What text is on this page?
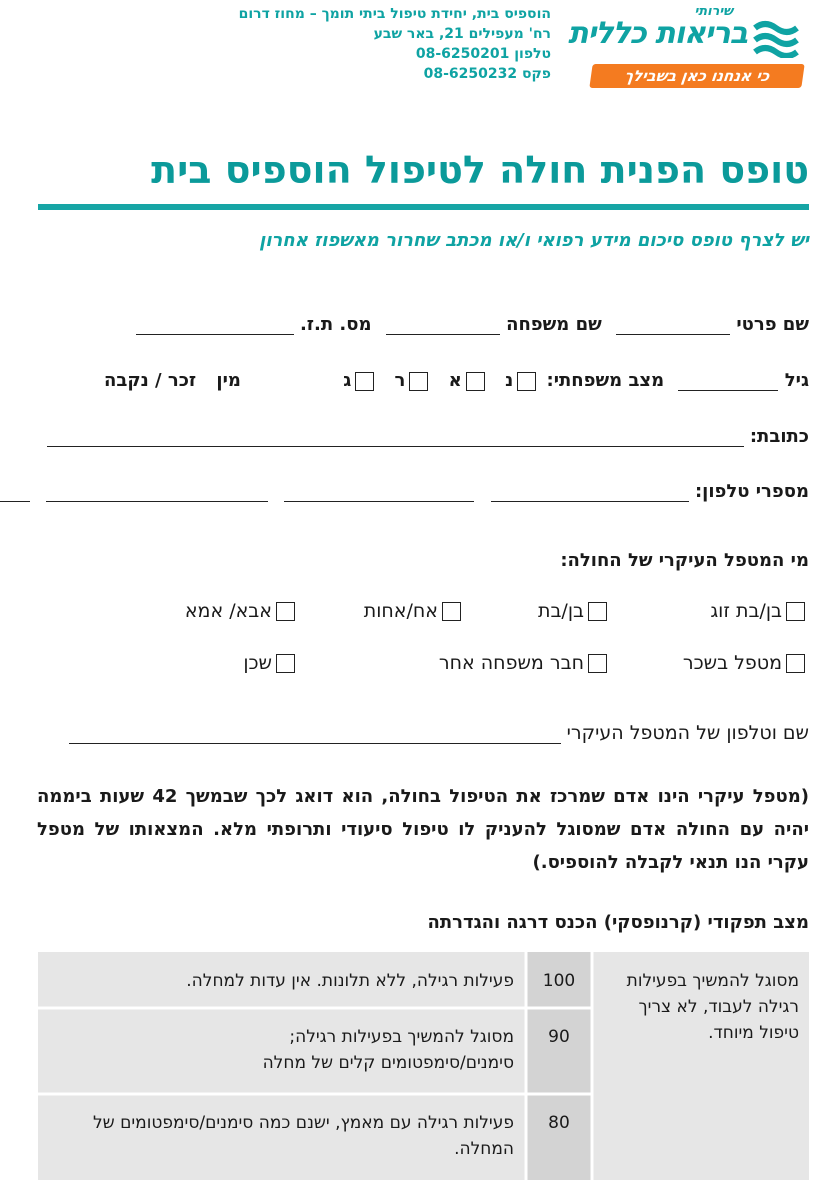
שירותי
בריאות כללית
כי אנחנו כאן בשבילך
הוספיס בית, יחידת טיפול ביתי תומך – מחוז דרום
רח' מעפילים 21, באר שבע
טלפון 08-6250201
פקס 08-6250232
טופס הפנית חולה לטיפול הוספיס בית
יש לצרף טופס סיכום מידע רפואי ו/או מכתב שחרור מאשפוז אחרון
שם פרטי  שם משפחה  מס. ת.ז.
גיל  מצב משפחתי: נ א ר ג מין זכר / נקבה
כתובת:
מספרי טלפון:
מי המטפל העיקרי של החולה:
בן/בת זוג
בן/בת
אח/אחות
אבא/ אמא
מטפל בשכר
חבר משפחה אחר
שכן
שם וטלפון של המטפל העיקרי
(מטפל עיקרי הינו אדם שמרכז את הטיפול בחולה, הוא דואג לכך שבמשך 42 שעות ביממה יהיה עם החולה אדם שמסוגל להעניק לו טיפול סיעודי ותרופתי מלא. המצאותו של מטפל עקרי הנו תנאי לקבלה להוספיס.)
מצב תפקודי (קרנופסקי) הכנס דרגה והגדרתה
מסוגל להמשיך בפעילות רגילה לעבוד, לא צריך טיפול מיוחד.
100
פעילות רגילה, ללא תלונות. אין עדות למחלה.
90
מסוגל להמשיך בפעילות רגילה; סימנים/סימפטומים קלים של מחלה
80
פעילות רגילה עם מאמץ, ישנם כמה סימנים/סימפטומים של המחלה.
